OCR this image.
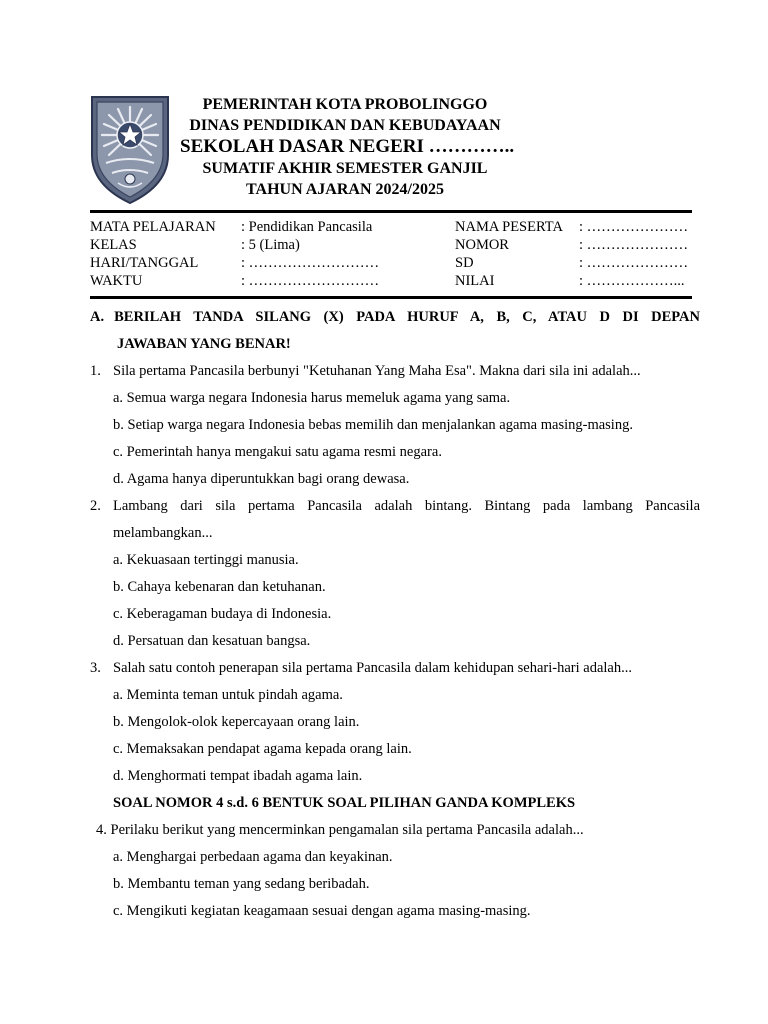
PEMERINTAH KOTA PROBOLINGGO
DINAS PENDIDIKAN DAN KEBUDAYAAN
SEKOLAH DASAR NEGERI …………..
SUMATIF AKHIR SEMESTER GANJIL
TAHUN AJARAN 2024/2025
MATA PELAJARAN
KELAS
HARI/TANGGAL
WAKTU
: Pendidikan Pancasila
: 5 (Lima)
: ………………………
: ………………………
NAMA PESERTA
NOMOR
SD
NILAI
: …………………
: …………………
: …………………
: ………………...
A. BERILAH TANDA SILANG (X) PADA HURUF A, B, C, ATAU D DI DEPAN
JAWABAN YANG BENAR!
1. Sila pertama Pancasila berbunyi "Ketuhanan Yang Maha Esa". Makna dari sila ini adalah...
a. Semua warga negara Indonesia harus memeluk agama yang sama.
b. Setiap warga negara Indonesia bebas memilih dan menjalankan agama masing-masing.
c. Pemerintah hanya mengakui satu agama resmi negara.
d. Agama hanya diperuntukkan bagi orang dewasa.
2. Lambang dari sila pertama Pancasila adalah bintang. Bintang pada lambang Pancasila
melambangkan...
a. Kekuasaan tertinggi manusia.
b. Cahaya kebenaran dan ketuhanan.
c. Keberagaman budaya di Indonesia.
d. Persatuan dan kesatuan bangsa.
3. Salah satu contoh penerapan sila pertama Pancasila dalam kehidupan sehari-hari adalah...
a. Meminta teman untuk pindah agama.
b. Mengolok-olok kepercayaan orang lain.
c. Memaksakan pendapat agama kepada orang lain.
d. Menghormati tempat ibadah agama lain.
SOAL NOMOR 4 s.d. 6 BENTUK SOAL PILIHAN GANDA KOMPLEKS
4. Perilaku berikut yang mencerminkan pengamalan sila pertama Pancasila adalah...
a. Menghargai perbedaan agama dan keyakinan.
b. Membantu teman yang sedang beribadah.
c. Mengikuti kegiatan keagamaan sesuai dengan agama masing-masing.
